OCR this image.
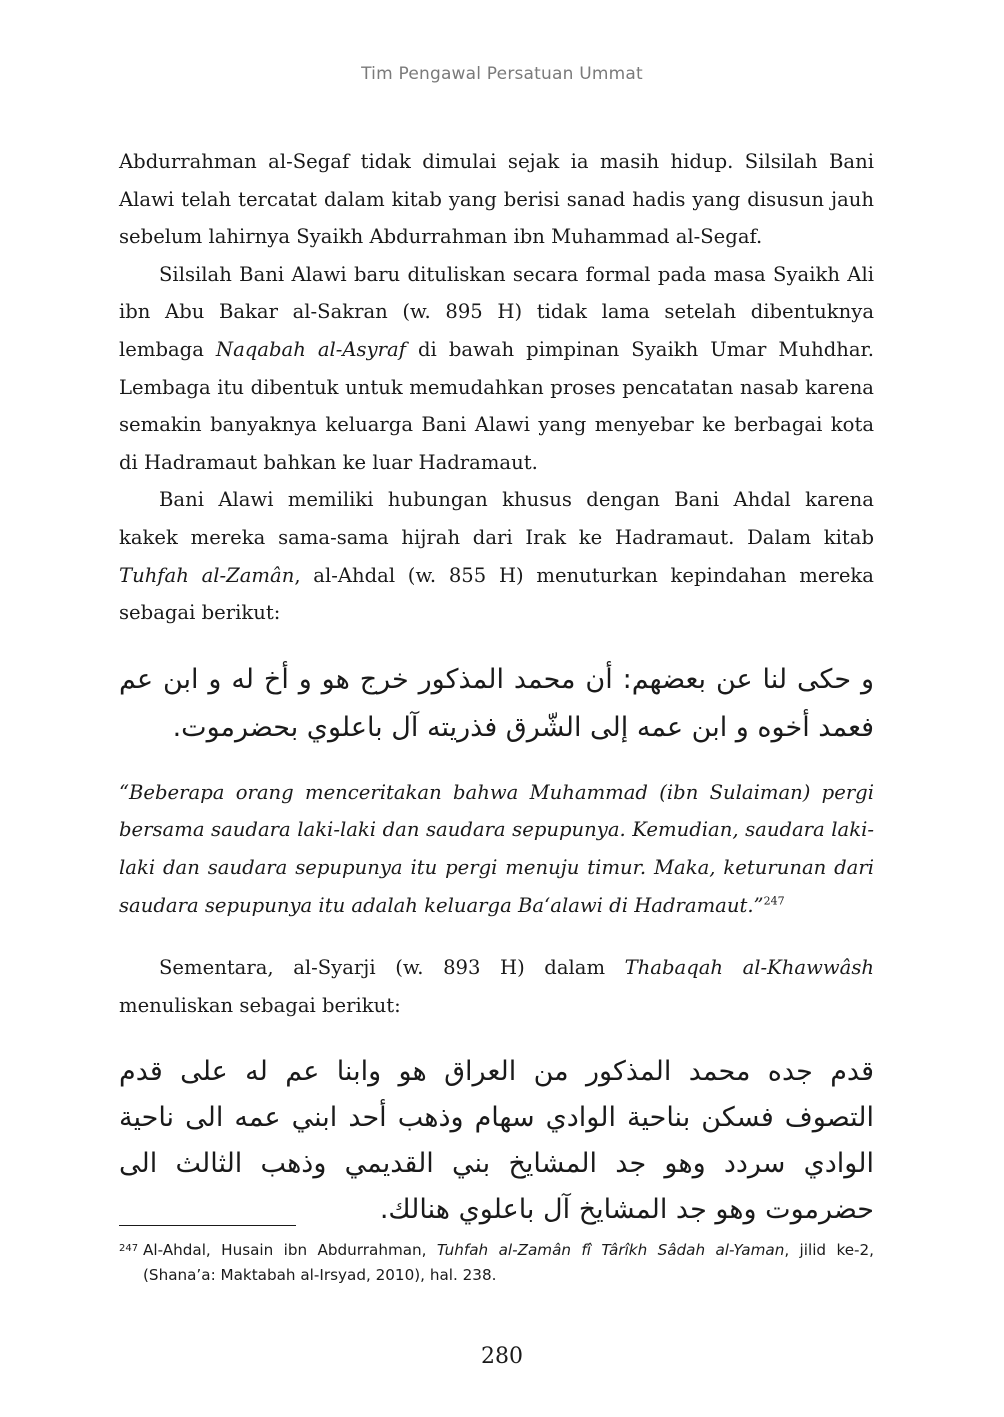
Tim Pengawal Persatuan Ummat

Abdurrahman al-Segaf tidak dimulai sejak ia masih hidup. Silsilah Bani Alawi telah tercatat dalam kitab yang berisi sanad hadis yang disusun jauh sebelum lahirnya Syaikh Abdurrahman ibn Muhammad al-Segaf.

Silsilah Bani Alawi baru dituliskan secara formal pada masa Syaikh Ali ibn Abu Bakar al-Sakran (w. 895 H) tidak lama setelah dibentuknya lembaga Naqabah al-Asyraf di bawah pimpinan Syaikh Umar Muhdhar. Lembaga itu dibentuk untuk memudahkan proses pencatatan nasab karena semakin banyaknya keluarga Bani Alawi yang menyebar ke berbagai kota di Hadramaut bahkan ke luar Hadramaut.

Bani Alawi memiliki hubungan khusus dengan Bani Ahdal karena kakek mereka sama-sama hijrah dari Irak ke Hadramaut. Dalam kitab Tuhfah al-Zamân, al-Ahdal (w. 855 H) menuturkan kepindahan mereka sebagai berikut:

و حكى لنا عن بعضهم: أن محمد المذكور خرج هو و أخ له و ابن عم فعمد أخوه و ابن عمه إلى الشّرق فذريته آل باعلوي بحضرموت.

“Beberapa orang menceritakan bahwa Muhammad (ibn Sulaiman) pergi bersama saudara laki-laki dan saudara sepupunya. Kemudian, saudara laki-laki dan saudara sepupunya itu pergi menuju timur. Maka, keturunan dari saudara sepupunya itu adalah keluarga Ba‘alawi di Hadramaut.”$^{247}$

Sementara, al-Syarji (w. 893 H) dalam Thabaqah al-Khawwâsh menuliskan sebagai berikut:

قدم جده محمد المذكور من العراق هو وابنا عم له على قدم التصوف فسكن بناحية الوادي سهام وذهب أحد ابني عمه الى ناحية الوادي سردد وهو جد المشايخ بني القديمي وذهب الثالث الى حضرموت وهو جد المشايخ آل باعلوي هنالك.

247 Al-Ahdal, Husain ibn Abdurrahman, Tuhfah al-Zamân fî Târîkh Sâdah al-Yaman, jilid ke-2, (Shana’a: Maktabah al-Irsyad, 2010), hal. 238.

280
